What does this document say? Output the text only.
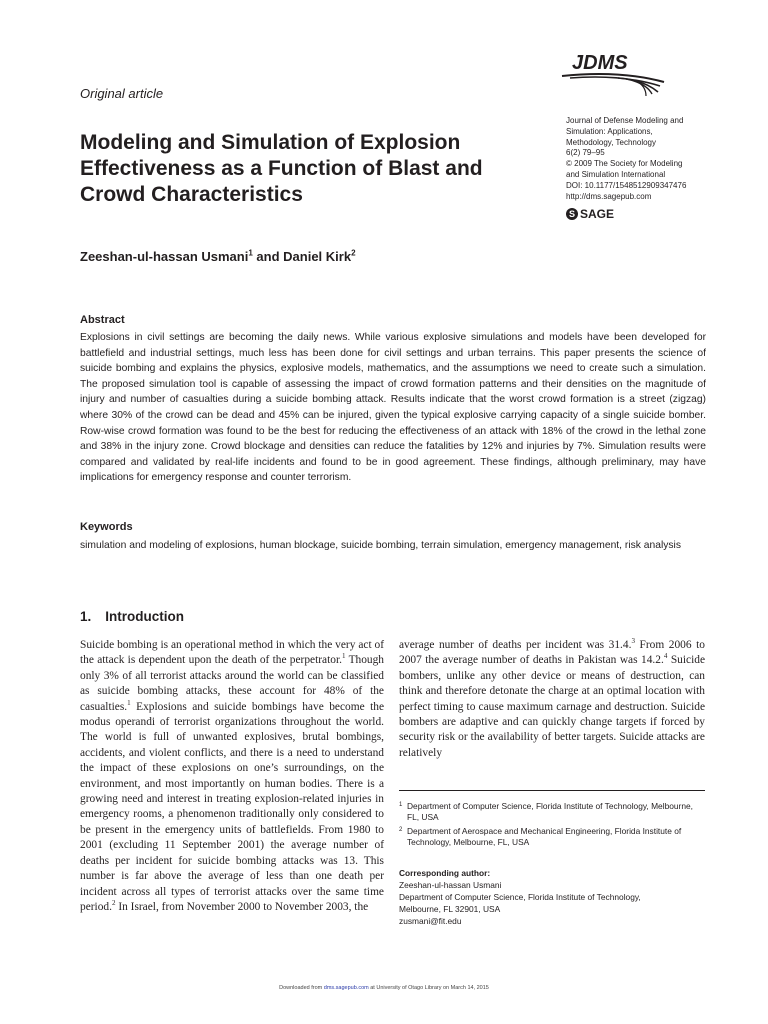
Original article
JDMS
Journal of Defense Modeling and
Simulation: Applications,
Methodology, Technology
6(2) 79–95
© 2009 The Society for Modeling
and Simulation International
DOI: 10.1177/1548512909347476
http://dms.sagepub.com
S SAGE
Modeling and Simulation of Explosion Effectiveness as a Function of Blast and Crowd Characteristics
Zeeshan-ul-hassan Usmani$^1$ and Daniel Kirk$^2$
Abstract
Explosions in civil settings are becoming the daily news. While various explosive simulations and models have been developed for battlefield and industrial settings, much less has been done for civil settings and urban terrains. This paper presents the science of suicide bombing and explains the physics, explosive models, mathematics, and the assumptions we need to create such a simulation. The proposed simulation tool is capable of assessing the impact of crowd formation patterns and their densities on the magnitude of injury and number of casualties during a suicide bombing attack. Results indicate that the worst crowd formation is a street (zigzag) where 30% of the crowd can be dead and 45% can be injured, given the typical explosive carrying capacity of a single suicide bomber. Row-wise crowd formation was found to be the best for reducing the effectiveness of an attack with 18% of the crowd in the lethal zone and 38% in the injury zone. Crowd blockage and densities can reduce the fatalities by 12% and injuries by 7%. Simulation results were compared and validated by real-life incidents and found to be in good agreement. These findings, although preliminary, may have implications for emergency response and counter terrorism.
Keywords
simulation and modeling of explosions, human blockage, suicide bombing, terrain simulation, emergency management, risk analysis
1. Introduction
Suicide bombing is an operational method in which the very act of the attack is dependent upon the death of the perpetrator.$^1$ Though only 3% of all terrorist attacks around the world can be classified as suicide bombing attacks, these account for 48% of the casualties.$^1$ Explosions and suicide bombings have become the modus operandi of terrorist organizations throughout the world. The world is full of unwanted explosives, brutal bombings, accidents, and violent conflicts, and there is a need to understand the impact of these explosions on one’s surroundings, on the environment, and most importantly on human bodies. There is a growing need and interest in treating explosion-related injuries in emergency rooms, a phenomenon traditionally only considered to be present in the emergency units of battlefields. From 1980 to 2001 (excluding 11 September 2001) the average number of deaths per incident for suicide bombing attacks was 13. This number is far above the average of less than one death per incident across all types of terrorist attacks over the same time period.$^2$ In Israel, from November 2000 to November 2003, the
average number of deaths per incident was 31.4.$^3$ From 2006 to 2007 the average number of deaths in Pakistan was 14.2.$^4$ Suicide bombers, unlike any other device or means of destruction, can think and therefore detonate the charge at an optimal location with perfect timing to cause maximum carnage and destruction. Suicide bombers are adaptive and can quickly change targets if forced by security risk or the availability of better targets. Suicide attacks are relatively
1 Department of Computer Science, Florida Institute of Technology, Melbourne, FL, USA
2 Department of Aerospace and Mechanical Engineering, Florida Institute of Technology, Melbourne, FL, USA
Corresponding author:
Zeeshan-ul-hassan Usmani
Department of Computer Science, Florida Institute of Technology,
Melbourne, FL 32901, USA
zusmani@fit.edu
Downloaded from dms.sagepub.com at University of Otago Library on March 14, 2015
